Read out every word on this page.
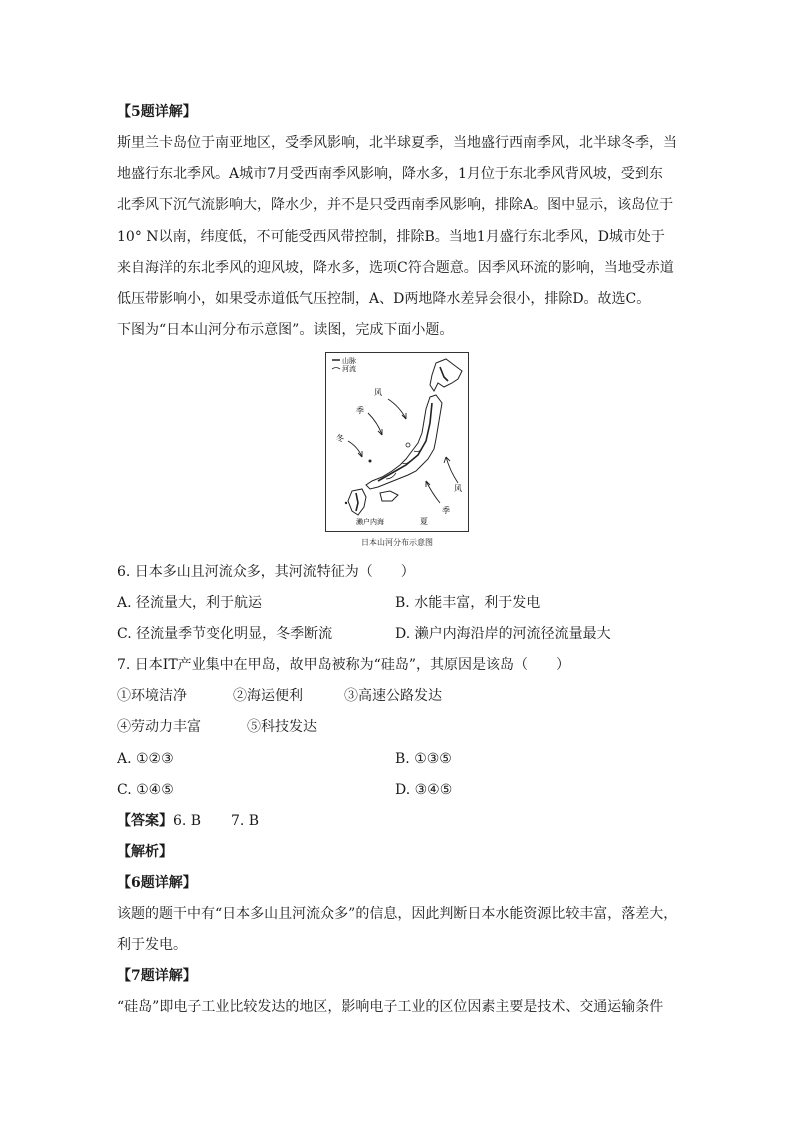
【5题详解】
斯里兰卡岛位于南亚地区，受季风影响，北半球夏季，当地盛行西南季风，北半球冬季，当
地盛行东北季风。A城市7月受西南季风影响，降水多，1月位于东北季风背风坡，受到东
北季风下沉气流影响大，降水少，并不是只受西南季风影响，排除A。图中显示，该岛位于
10° N以南，纬度低，不可能受西风带控制，排除B。当地1月盛行东北季风，D城市处于
来自海洋的东北季风的迎风坡，降水多，选项C符合题意。因季风环流的影响，当地受赤道
低压带影响小，如果受赤道低气压控制，A、D两地降水差异会很小，排除D。故选C。
下图为“日本山河分布示意图”。读图，完成下面小题。
山脉
河流
风
季
冬
风
季
夏
濑户内海
日本山河分布示意图
6. 日本多山且河流众多，其河流特征为（　　）
A. 径流量大，利于航运	B. 水能丰富，利于发电
C. 径流量季节变化明显，冬季断流	D. 濑户内海沿岸的河流径流量最大
7. 日本IT产业集中在甲岛，故甲岛被称为“硅岛”，其原因是该岛（　　）
①环境洁净	②海运便利	③高速公路发达
④劳动力丰富	⑤科技发达
A. ①②③	B. ①③⑤
C. ①④⑤	D. ③④⑤
【答案】 6. B 7. B
【解析】
【6题详解】
该题的题干中有“日本多山且河流众多”的信息，因此判断日本水能资源比较丰富，落差大，
利于发电。
【7题详解】
“硅岛”即电子工业比较发达的地区，影响电子工业的区位因素主要是技术、交通运输条件
